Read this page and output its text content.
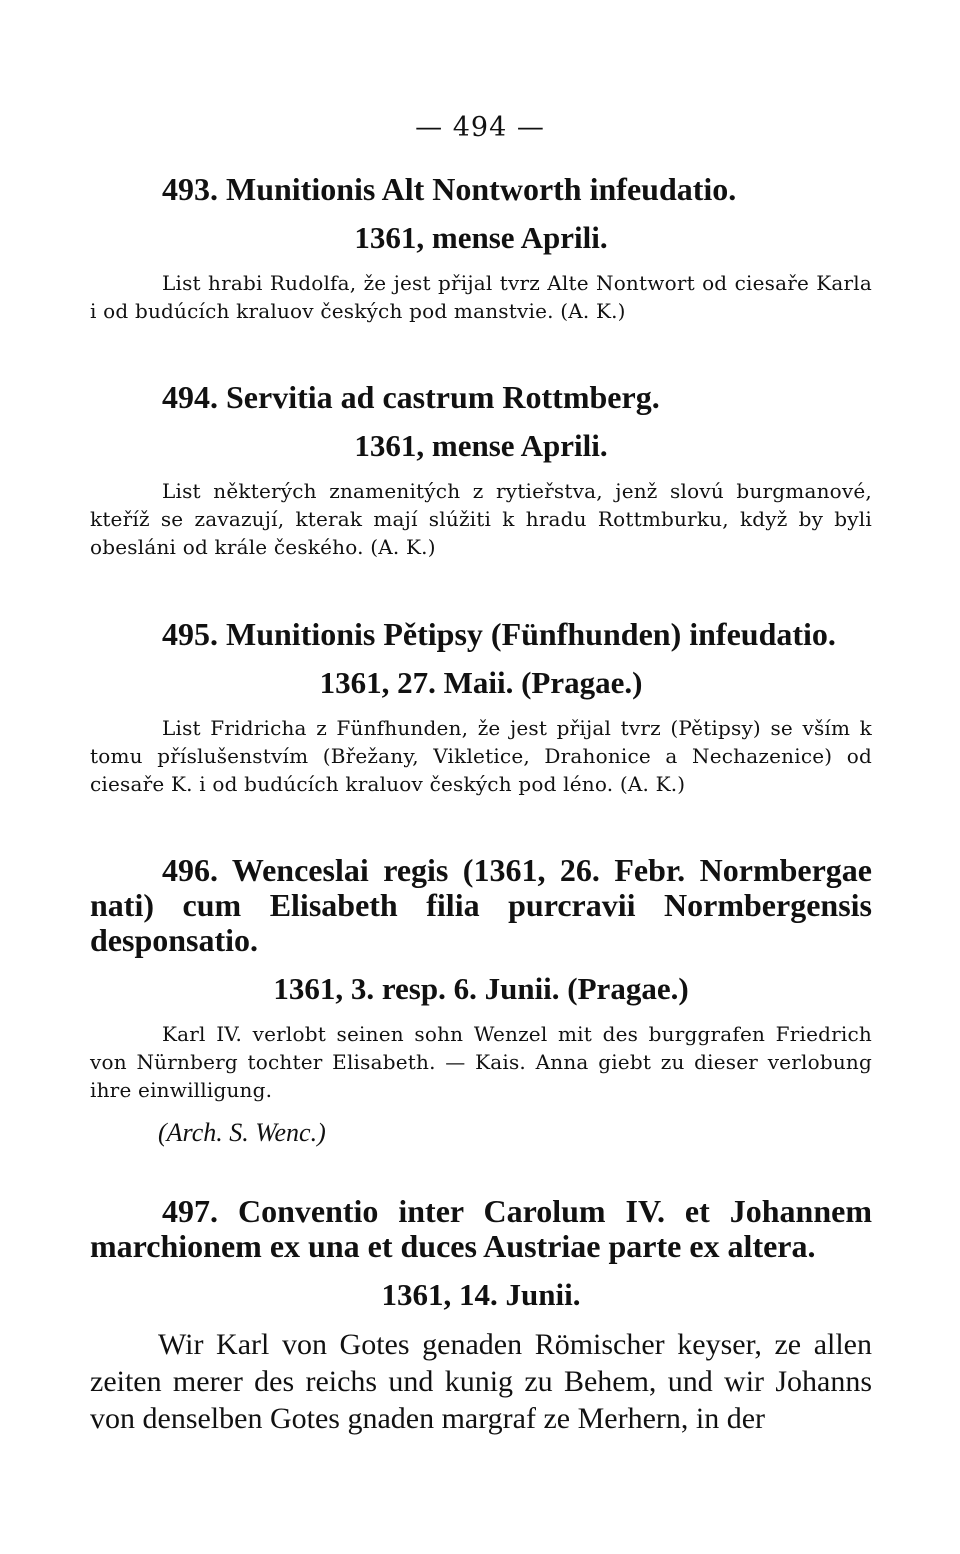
— 494 —

493. Munitionis Alt Nontworth infeudatio.

1361, mense Aprili.

List hrabi Rudolfa, že jest přijal tvrz Alte Nontwort od ciesaře Karla i od budúcích kraluov českých pod manstvie. (A. K.)

494. Servitia ad castrum Rottmberg.

1361, mense Aprili.

List některých znamenitých z rytieřstva, jenž slovú burgmanové, kteříž se zavazují, kterak mají slúžiti k hradu Rottmburku, když by byli obesláni od krále českého. (A. K.)

495. Munitionis Pětipsy (Fünfhunden) infeudatio.

1361, 27. Maii. (Pragae.)

List Fridricha z Fünfhunden, že jest přijal tvrz (Pětipsy) se vším k tomu příslušenstvím (Břežany, Vikletice, Drahonice a Nechazenice) od ciesaře K. i od budúcích kraluov českých pod léno. (A. K.)

496. Wenceslai regis (1361, 26. Febr. Normbergae nati) cum Elisabeth filia purcravii Normbergensis desponsatio.

1361, 3. resp. 6. Junii. (Pragae.)

Karl IV. verlobt seinen sohn Wenzel mit des burggrafen Friedrich von Nürnberg tochter Elisabeth. — Kais. Anna giebt zu dieser verlobung ihre einwilligung.

(Arch. S. Wenc.)

497. Conventio inter Carolum IV. et Johannem marchionem ex una et duces Austriae parte ex altera.

1361, 14. Junii.

Wir Karl von Gotes genaden Römischer keyser, ze allen zeiten merer des reichs und kunig zu Behem, und wir Johanns von denselben Gotes gnaden margraf ze Merhern, in der
